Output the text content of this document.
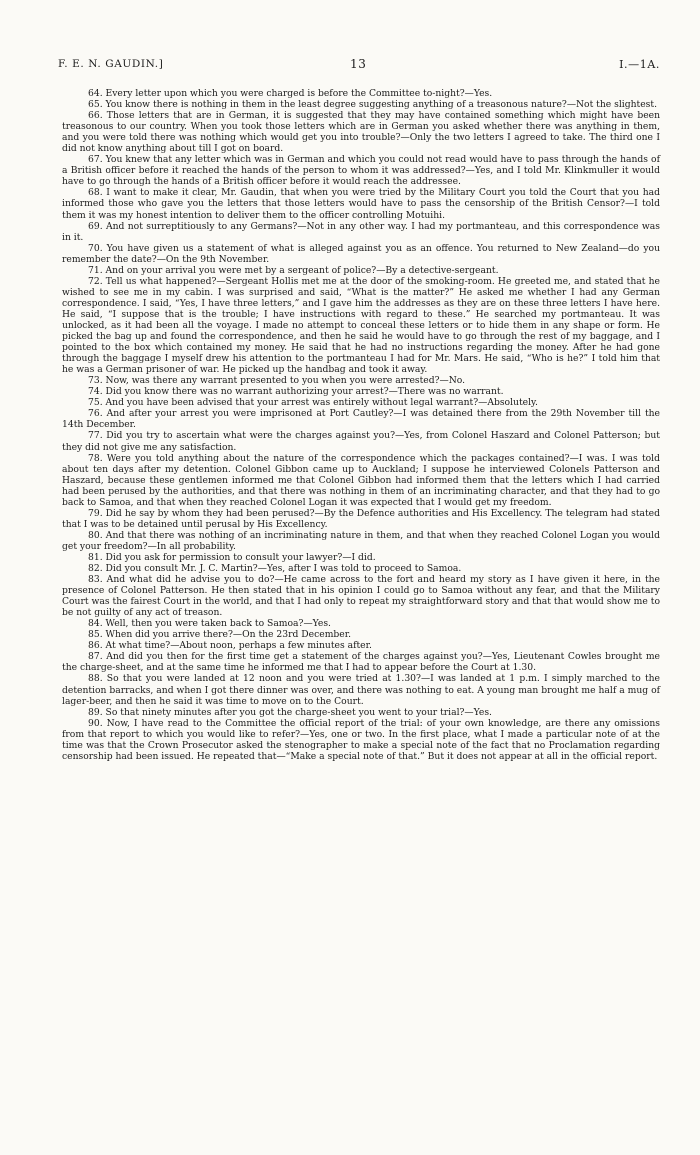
F. E. N. GAUDIN.]	13	I.—1A.

64. Every letter upon which you were charged is before the Committee to-night?—Yes.

65. You know there is nothing in them in the least degree suggesting anything of a treasonous nature?—Not the slightest.

66. Those letters that are in German, it is suggested that they may have contained something which might have been treasonous to our country. When you took those letters which are in German you asked whether there was anything in them, and you were told there was nothing which would get you into trouble?—Only the two letters I agreed to take. The third one I did not know anything about till I got on board.

67. You knew that any letter which was in German and which you could not read would have to pass through the hands of a British officer before it reached the hands of the person to whom it was addressed?—Yes, and I told Mr. Klinkmuller it would have to go through the hands of a British officer before it would reach the addressee.

68. I want to make it clear, Mr. Gaudin, that when you were tried by the Military Court you told the Court that you had informed those who gave you the letters that those letters would have to pass the censorship of the British Censor?—I told them it was my honest intention to deliver them to the officer controlling Motuihi.

69. And not surreptitiously to any Germans?—Not in any other way. I had my portmanteau, and this correspondence was in it.

70. You have given us a statement of what is alleged against you as an offence. You returned to New Zealand—do you remember the date?—On the 9th November.

71. And on your arrival you were met by a sergeant of police?—By a detective-sergeant.

72. Tell us what happened?—Sergeant Hollis met me at the door of the smoking-room. He greeted me, and stated that he wished to see me in my cabin. I was surprised and said, “What is the matter?” He asked me whether I had any German correspondence. I said, “Yes, I have three letters,” and I gave him the addresses as they are on these three letters I have here. He said, “I suppose that is the trouble; I have instructions with regard to these.” He searched my portmanteau. It was unlocked, as it had been all the voyage. I made no attempt to conceal these letters or to hide them in any shape or form. He picked the bag up and found the correspondence, and then he said he would have to go through the rest of my baggage, and I pointed to the box which contained my money. He said that he had no instructions regarding the money. After he had gone through the baggage I myself drew his attention to the portmanteau I had for Mr. Mars. He said, “Who is he?” I told him that he was a German prisoner of war. He picked up the handbag and took it away.

73. Now, was there any warrant presented to you when you were arrested?—No.

74. Did you know there was no warrant authorizing your arrest?—There was no warrant.

75. And you have been advised that your arrest was entirely without legal warrant?—Absolutely.

76. And after your arrest you were imprisoned at Port Cautley?—I was detained there from the 29th November till the 14th December.

77. Did you try to ascertain what were the charges against you?—Yes, from Colonel Haszard and Colonel Patterson; but they did not give me any satisfaction.

78. Were you told anything about the nature of the correspondence which the packages contained?—I was. I was told about ten days after my detention. Colonel Gibbon came up to Auckland; I suppose he interviewed Colonels Patterson and Haszard, because these gentlemen informed me that Colonel Gibbon had informed them that the letters which I had carried had been perused by the authorities, and that there was nothing in them of an incriminating character, and that they had to go back to Samoa, and that when they reached Colonel Logan it was expected that I would get my freedom.

79. Did he say by whom they had been perused?—By the Defence authorities and His Excellency. The telegram had stated that I was to be detained until perusal by His Excellency.

80. And that there was nothing of an incriminating nature in them, and that when they reached Colonel Logan you would get your freedom?—In all probability.

81. Did you ask for permission to consult your lawyer?—I did.

82. Did you consult Mr. J. C. Martin?—Yes, after I was told to proceed to Samoa.

83. And what did he advise you to do?—He came across to the fort and heard my story as I have given it here, in the presence of Colonel Patterson. He then stated that in his opinion I could go to Samoa without any fear, and that the Military Court was the fairest Court in the world, and that I had only to repeat my straightforward story and that that would show me to be not guilty of any act of treason.

84. Well, then you were taken back to Samoa?—Yes.

85. When did you arrive there?—On the 23rd December.

86. At what time?—About noon, perhaps a few minutes after.

87. And did you then for the first time get a statement of the charges against you?—Yes, Lieutenant Cowles brought me the charge-sheet, and at the same time he informed me that I had to appear before the Court at 1.30.

88. So that you were landed at 12 noon and you were tried at 1.30?—I was landed at 1 p.m. I simply marched to the detention barracks, and when I got there dinner was over, and there was nothing to eat. A young man brought me half a mug of lager-beer, and then he said it was time to move on to the Court.

89. So that ninety minutes after you got the charge-sheet you went to your trial?—Yes.

90. Now, I have read to the Committee the official report of the trial: of your own knowledge, are there any omissions from that report to which you would like to refer?—Yes, one or two. In the first place, what I made a particular note of at the time was that the Crown Prosecutor asked the stenographer to make a special note of the fact that no Proclamation regarding censorship had been issued. He repeated that—“Make a special note of that.” But it does not appear at all in the official report.
